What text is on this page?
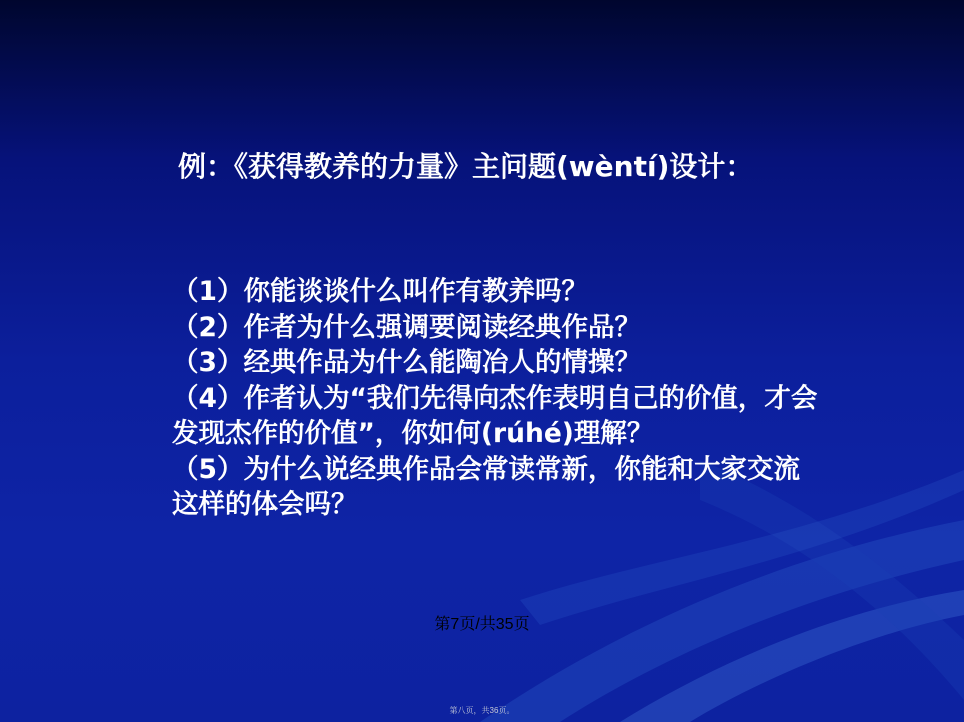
例：《获得教养的力量》主问题(wèntí)设计：

（1）你能谈谈什么叫作有教养吗？

（2）作者为什么强调要阅读经典作品？

（3）经典作品为什么能陶冶人的情操？

（4）作者认为“我们先得向杰作表明自己的价值，才会发现杰作的价值”，你如何(rúhé)理解？

（5）为什么说经典作品会常读常新，你能和大家交流这样的体会吗？

第7页/共35页
第八页，共36页。
